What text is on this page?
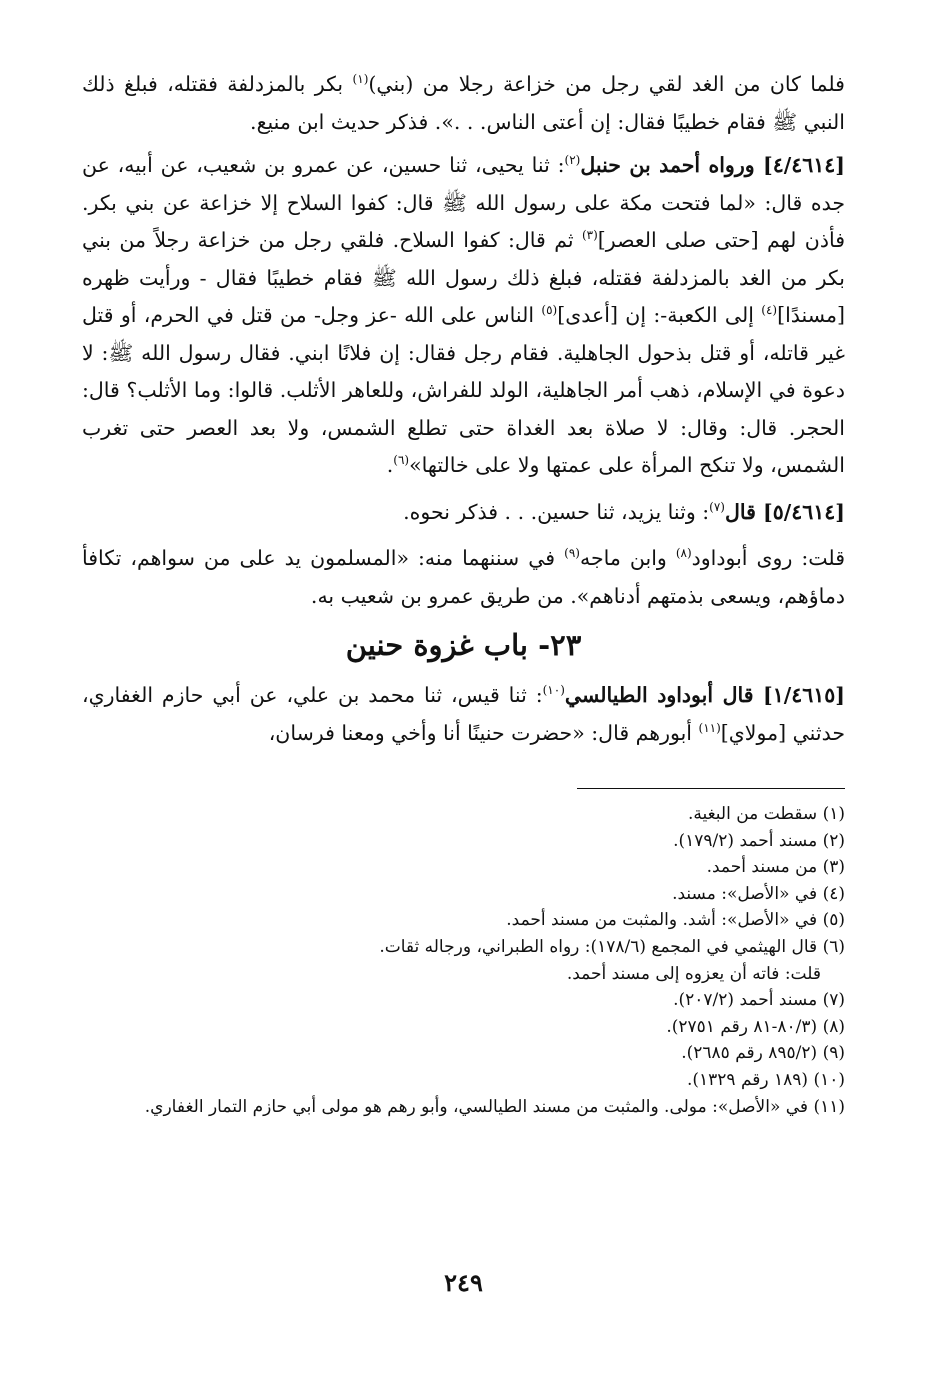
فلما كان من الغد لقي رجل من خزاعة رجلا من (بني)$^{(١)}$ بكر بالمزدلفة فقتله، فبلغ ذلك النبي ﷺ فقام خطيبًا فقال: إن أعتى الناس. . .». فذكر حديث ابن منيع.

[٤/٤٦١٤] ورواه أحمد بن حنبل$^{(٢)}$: ثنا يحيى، ثنا حسين، عن عمرو بن شعيب، عن أبيه، عن جده قال: «لما فتحت مكة على رسول الله ﷺ قال: كفوا السلاح إلا خزاعة عن بني بكر. فأذن لهم [حتى صلى العصر]$^{(٣)}$ ثم قال: كفوا السلاح. فلقي رجل من خزاعة رجلاً من بني بكر من الغد بالمزدلفة فقتله، فبلغ ذلك رسول الله ﷺ فقام خطيبًا فقال - ورأيت ظهره [مسندًا]$^{(٤)}$ إلى الكعبة-: إن [أعدى]$^{(٥)}$ الناس على الله -عز وجل- من قتل في الحرم، أو قتل غير قاتله، أو قتل بذحول الجاهلية. فقام رجل فقال: إن فلانًا ابني. فقال رسول الله ﷺ: لا دعوة في الإسلام، ذهب أمر الجاهلية، الولد للفراش، وللعاهر الأثلب. قالوا: وما الأثلب؟ قال: الحجر. قال: وقال: لا صلاة بعد الغداة حتى تطلع الشمس، ولا بعد العصر حتى تغرب الشمس، ولا تنكح المرأة على عمتها ولا على خالتها»$^{(٦)}$.

[٥/٤٦١٤] قال$^{(٧)}$: وثنا يزيد، ثنا حسين. . . فذكر نحوه.

قلت: روى أبوداود$^{(٨)}$ وابن ماجه$^{(٩)}$ في سننهما منه: «المسلمون يد على من سواهم، تكافأ دماؤهم، ويسعى بذمتهم أدناهم». من طريق عمرو بن شعيب به.

٢٣- باب غزوة حنين

[١/٤٦١٥] قال أبوداود الطيالسي$^{(١٠)}$: ثنا قيس، ثنا محمد بن علي، عن أبي حازم الغفاري، حدثني [مولاي]$^{(١١)}$ أبورهم قال: «حضرت حنينًا أنا وأخي ومعنا فرسان،

(١) سقطت من البغية.
(٢) مسند أحمد (١٧٩/٢).
(٣) من مسند أحمد.
(٤) في «الأصل»: مسند.
(٥) في «الأصل»: أشد. والمثبت من مسند أحمد.
(٦) قال الهيثمي في المجمع (١٧٨/٦): رواه الطبراني، ورجاله ثقات.
قلت: فاته أن يعزوه إلى مسند أحمد.
(٧) مسند أحمد (٢٠٧/٢).
(٨) (٨٠/٣-٨١ رقم ٢٧٥١).
(٩) (٨٩٥/٢ رقم ٢٦٨٥).
(١٠) (١٨٩ رقم ١٣٢٩).
(١١) في «الأصل»: مولى. والمثبت من مسند الطيالسي، وأبو رهم هو مولى أبي حازم التمار الغفاري.
٢٤٩
